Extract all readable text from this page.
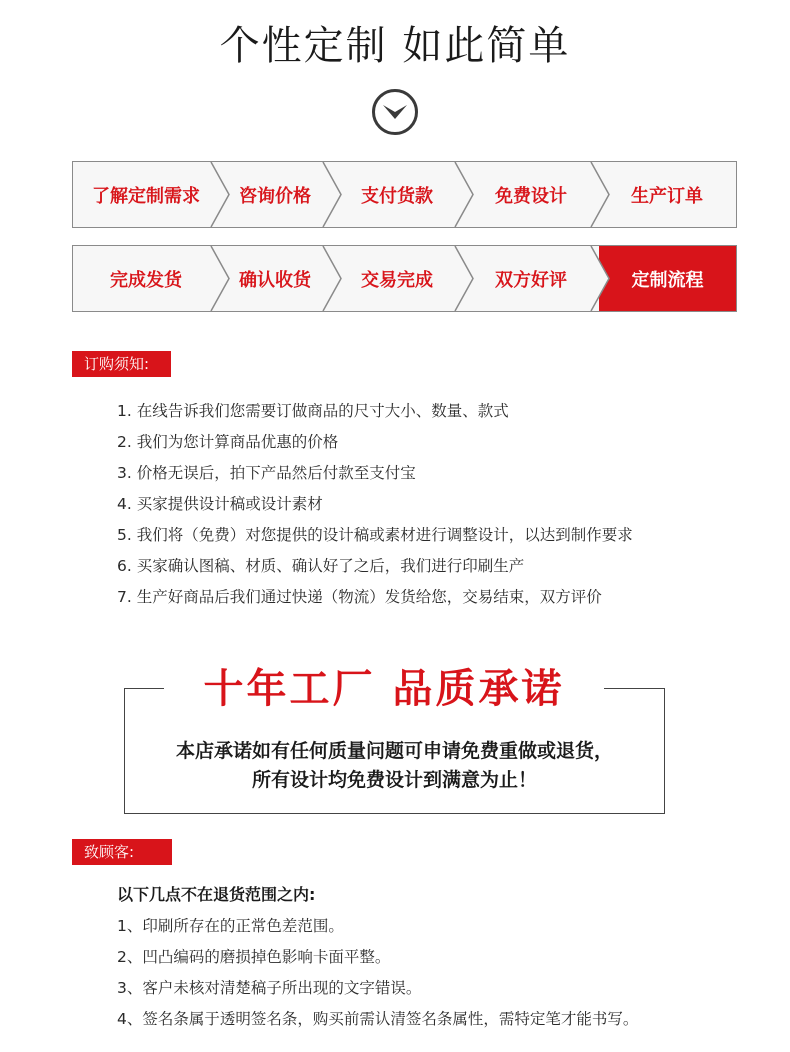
个性定制 如此简单
了解定制需求	咨询价格	支付货款	免费设计	生产订单
完成发货	确认收货	交易完成	双方好评	定制流程
订购须知:
1. 在线告诉我们您需要订做商品的尺寸大小、数量、款式
2. 我们为您计算商品优惠的价格
3. 价格无误后，拍下产品然后付款至支付宝
4. 买家提供设计稿或设计素材
5. 我们将（免费）对您提供的设计稿或素材进行调整设计，以达到制作要求
6. 买家确认图稿、材质、确认好了之后，我们进行印刷生产
7. 生产好商品后我们通过快递（物流）发货给您，交易结束，双方评价
十年工厂 品质承诺
本店承诺如有任何质量问题可申请免费重做或退货，
所有设计均免费设计到满意为止！
致顾客:
以下几点不在退货范围之内:
1、印刷所存在的正常色差范围。
2、凹凸编码的磨损掉色影响卡面平整。
3、客户未核对清楚稿子所出现的文字错误。
4、签名条属于透明签名条，购买前需认清签名条属性，需特定笔才能书写。
